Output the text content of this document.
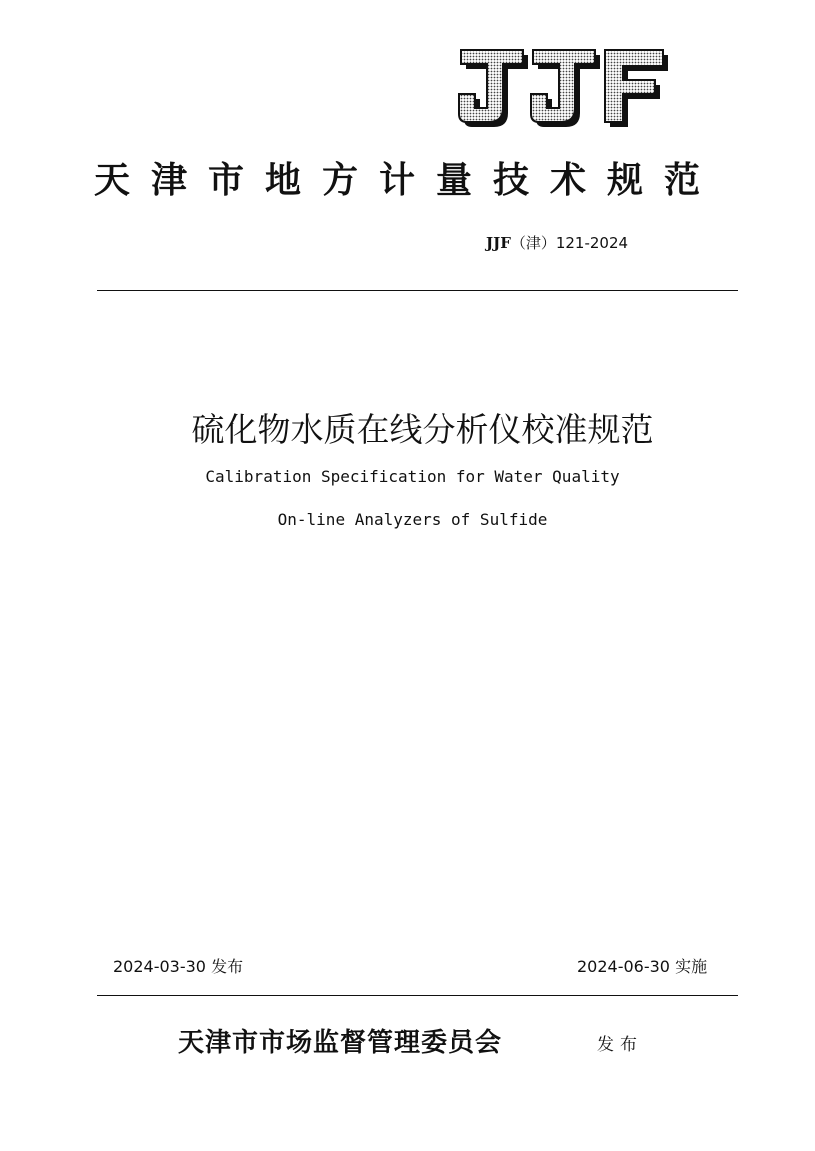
天津市地方计量技术规范
JJF（津）121-2024
硫化物水质在线分析仪校准规范
Calibration Specification for Water Quality
On-line Analyzers of Sulfide
2024-03-30 发布	2024-06-30 实施
天津市市场监督管理委员会	发布
